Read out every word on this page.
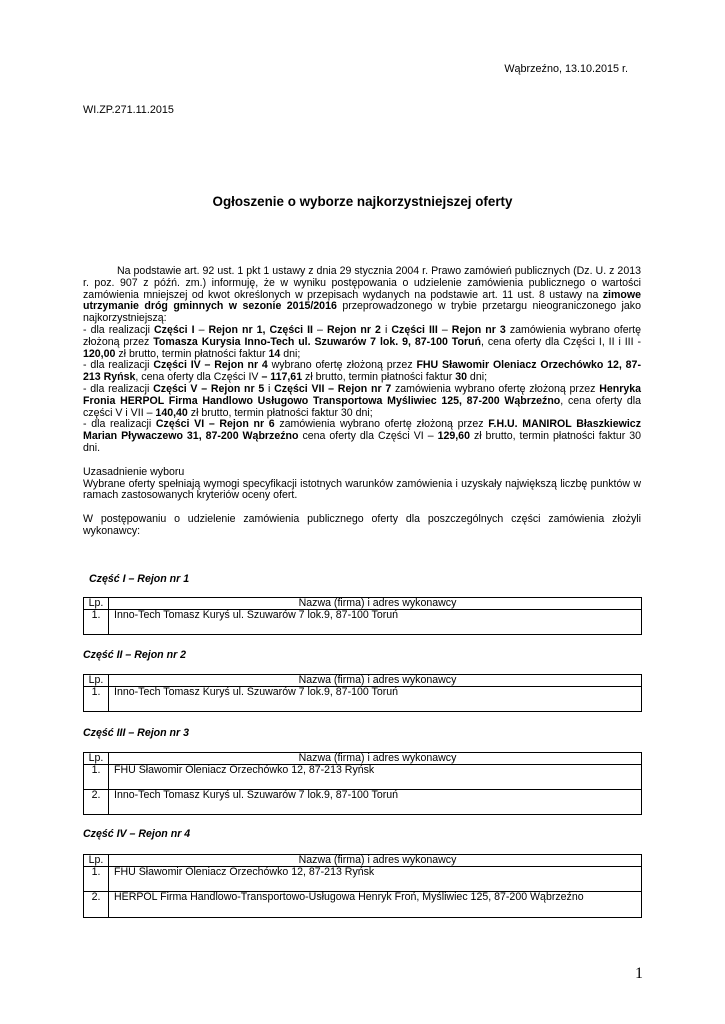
Wąbrzeźno, 13.10.2015 r.
WI.ZP.271.11.2015
Ogłoszenie o wyborze najkorzystniejszej oferty

Na podstawie art. 92 ust. 1 pkt 1 ustawy z dnia 29 stycznia 2004 r. Prawo zamówień publicznych (Dz. U. z 2013 r. poz. 907 z późń. zm.) informuję, że w wyniku postępowania o udzielenie zamówienia publicznego o wartości zamówienia mniejszej od kwot określonych w przepisach wydanych na podstawie art. 11 ust. 8 ustawy na zimowe utrzymanie dróg gminnych w sezonie 2015/2016 przeprowadzonego w trybie przetargu nieograniczonego jako najkorzystniejszą:

- dla realizacji Części I – Rejon nr 1, Części II – Rejon nr 2 i Części III – Rejon nr 3 zamówienia wybrano ofertę złożoną przez Tomasza Kurysia Inno-Tech ul. Szuwarów 7 lok. 9, 87-100 Toruń, cena oferty dla Części I, II i III - 120,00 zł brutto, termin płatności faktur 14 dni;

- dla realizacji Części IV – Rejon nr 4 wybrano ofertę złożoną przez FHU Sławomir Oleniacz Orzechówko 12, 87-213 Ryńsk, cena oferty dla Części IV – 117,61 zł brutto, termin płatności faktur 30 dni;

- dla realizacji Części V – Rejon nr 5 i Części VII – Rejon nr 7 zamówienia wybrano ofertę złożoną przez Henryka Fronia HERPOL Firma Handlowo Usługowo Transportowa Myśliwiec 125, 87-200 Wąbrzeźno, cena oferty dla części V i VII – 140,40 zł brutto, termin płatności faktur 30 dni;

- dla realizacji Części VI – Rejon nr 6 zamówienia wybrano ofertę złożoną przez F.H.U. MANIROL Błaszkiewicz Marian Pływaczewo 31, 87-200 Wąbrzeźno cena oferty dla Części VI – 129,60 zł brutto, termin płatności faktur 30 dni.

Uzasadnienie wyboru

Wybrane oferty spełniają wymogi specyfikacji istotnych warunków zamówienia i uzyskały największą liczbę punktów w ramach zastosowanych kryteriów oceny ofert.

W postępowaniu o udzielenie zamówienia publicznego oferty dla poszczególnych części zamówienia złożyli wykonawcy:

Część I – Rejon nr 1
Lp.	Nazwa (firma) i adres wykonawcy
1.	Inno-Tech Tomasz Kuryś ul. Szuwarów 7 lok.9, 87-100 Toruń
Część II – Rejon nr 2
Lp.	Nazwa (firma) i adres wykonawcy
1.	Inno-Tech Tomasz Kuryś ul. Szuwarów 7 lok.9, 87-100 Toruń
Część III – Rejon nr 3
Lp.	Nazwa (firma) i adres wykonawcy
1.	FHU Sławomir Oleniacz Orzechówko 12, 87-213 Ryńsk
2.	Inno-Tech Tomasz Kuryś ul. Szuwarów 7 lok.9, 87-100 Toruń
Część IV – Rejon nr 4
Lp.	Nazwa (firma) i adres wykonawcy
1.	FHU Sławomir Oleniacz Orzechówko 12, 87-213 Ryńsk
2.	HERPOL Firma Handlowo-Transportowo-Usługowa Henryk Froń, Myśliwiec 125, 87-200 Wąbrzeźno
1
